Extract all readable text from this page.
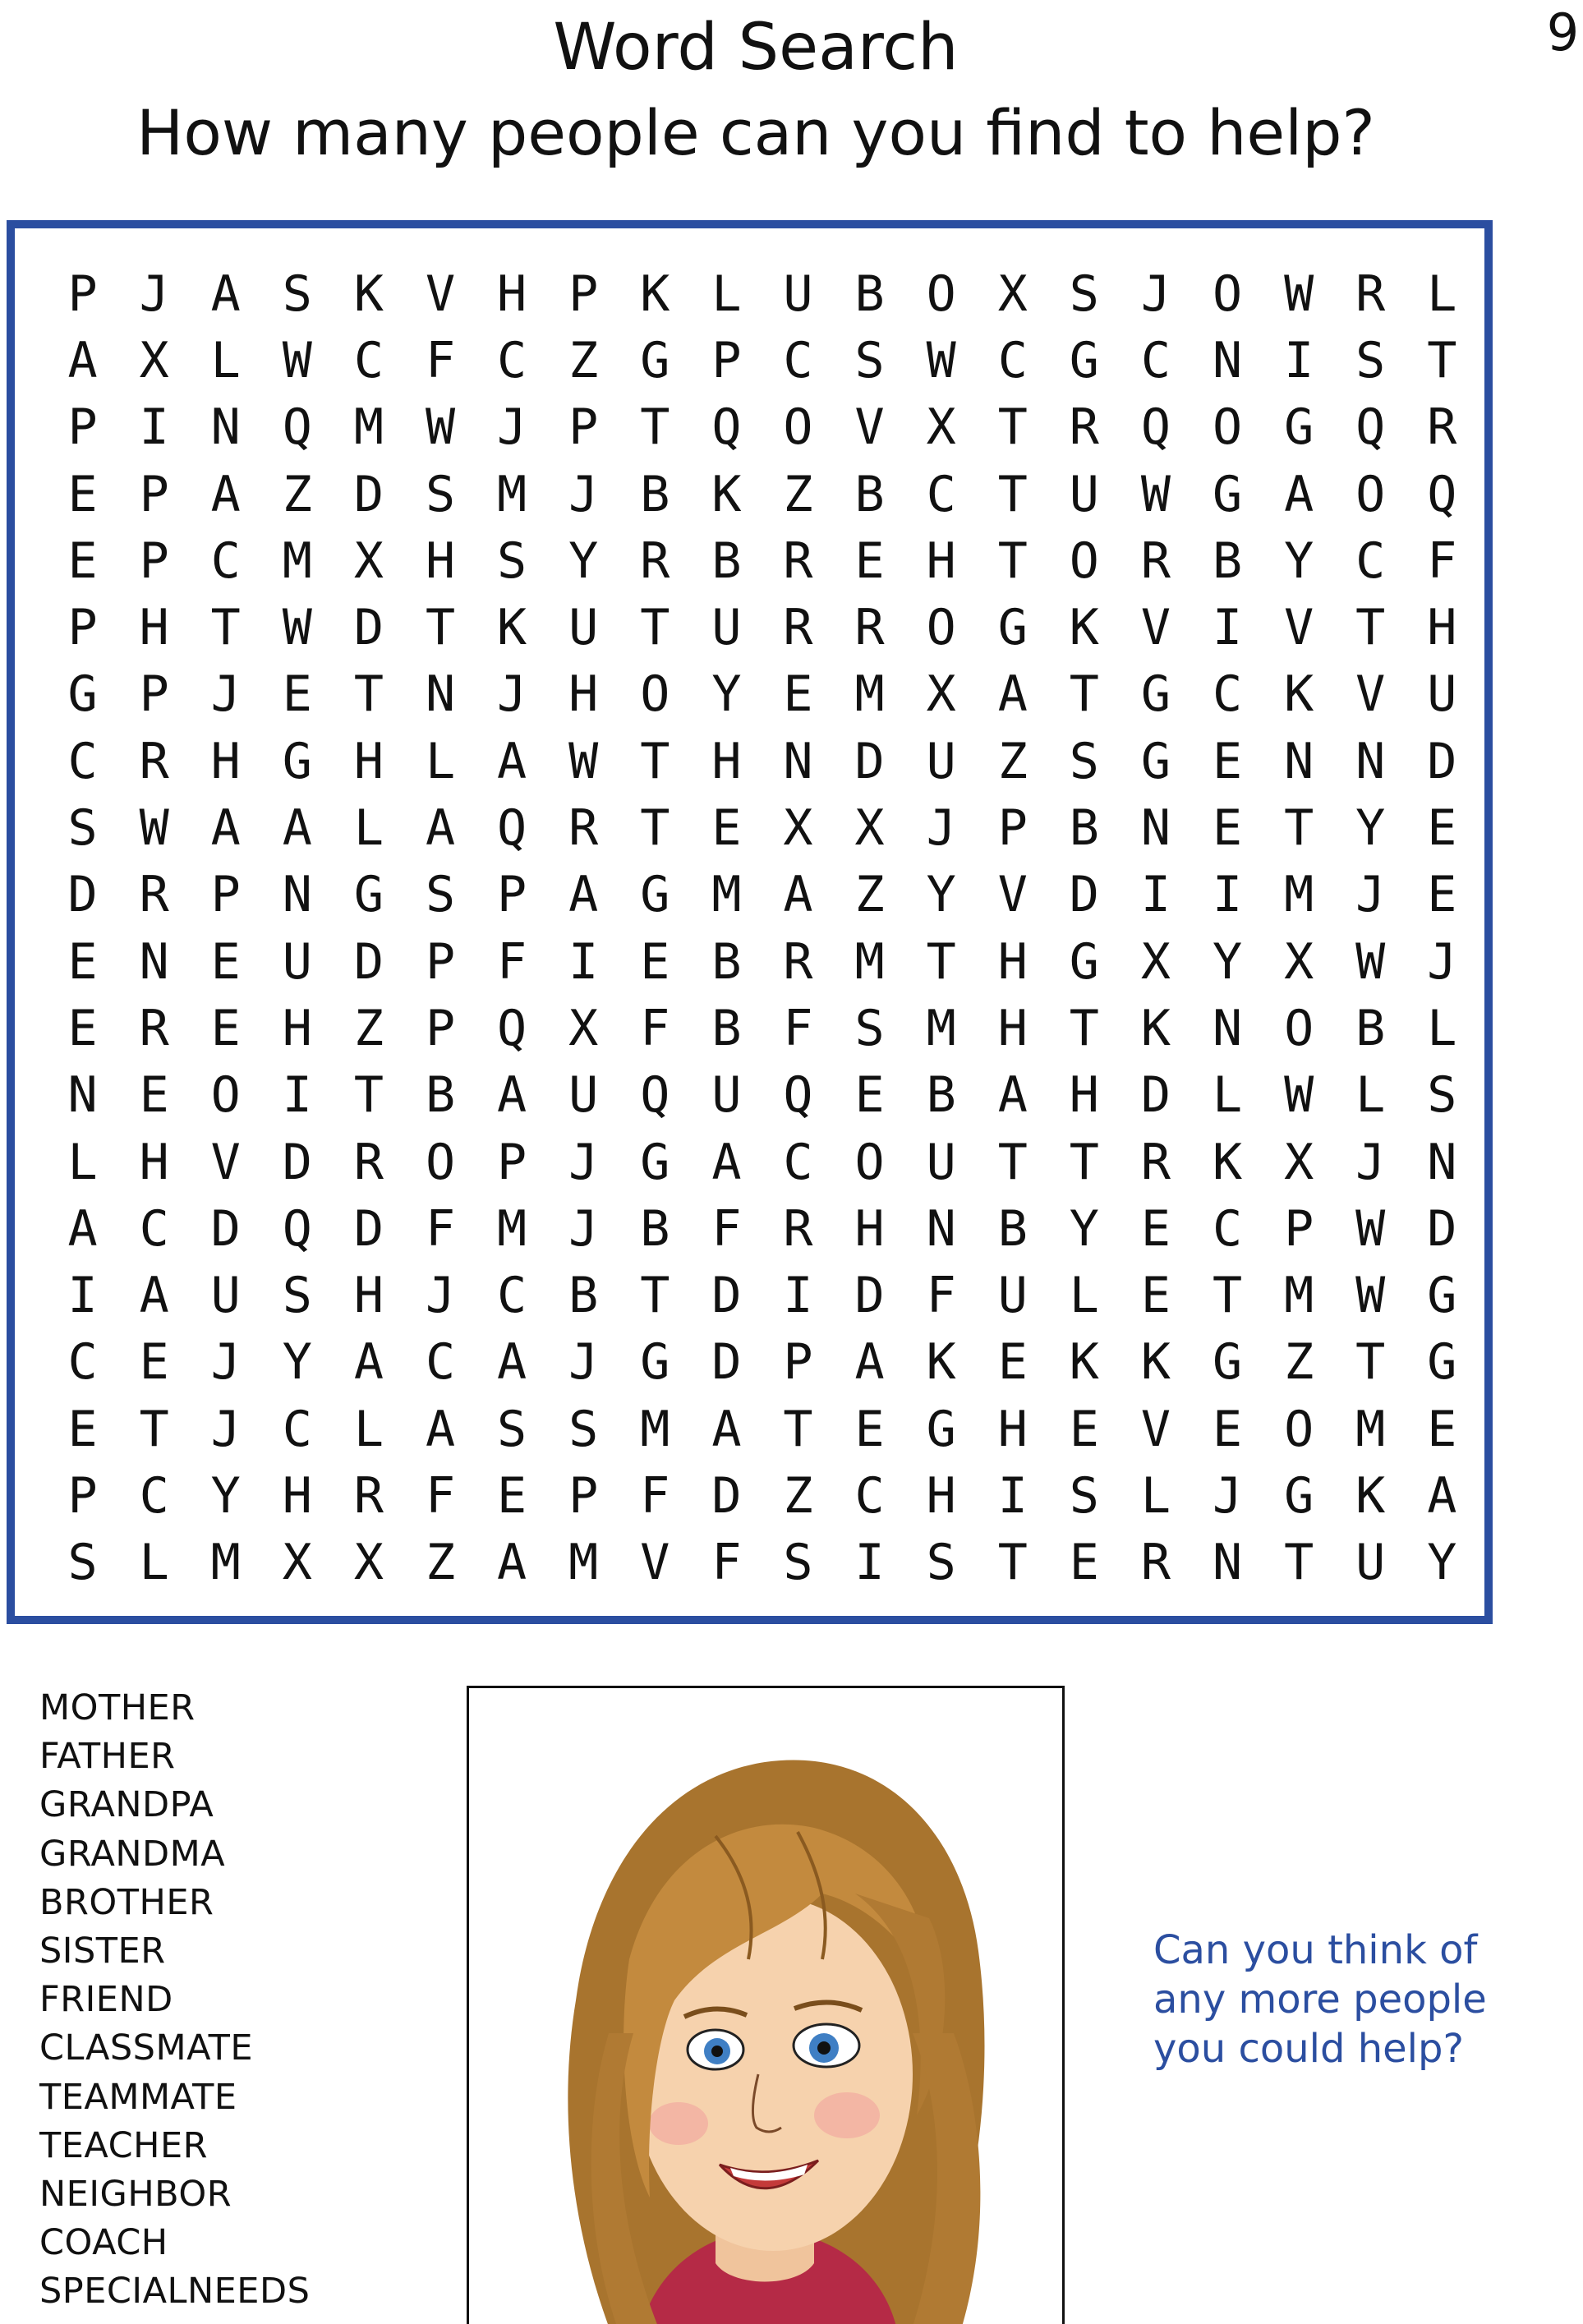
Word Search
How many people can you find to help?
9
P J A S K V H P K L U B O X S J O W R L
A X L W C F C Z G P C S W C G C N I S T
P I N Q M W J P T Q O V X T R Q O G Q R
E P A Z D S M J B K Z B C T U W G A O Q
E P C M X H S Y R B R E H T O R B Y C F
P H T W D T K U T U R R O G K V I V T H
G P J E T N J H O Y E M X A T G C K V U
C R H G H L A W T H N D U Z S G E N N D
S W A A L A Q R T E X X J P B N E T Y E
D R P N G S P A G M A Z Y V D I I M J E
E N E U D P F I E B R M T H G X Y X W J
E R E H Z P Q X F B F S M H T K N O B L
N E O I T B A U Q U Q E B A H D L W L S
L H V D R O P J G A C O U T T R K X J N
A C D Q D F M J B F R H N B Y E C P W D
I A U S H J C B T D I D F U L E T M W G
C E J Y A C A J G D P A K E K K G Z T G
E T J C L A S S M A T E G H E V E O M E
P C Y H R F E P F D Z C H I S L J G K A
S L M X X Z A M V F S I S T E R N T U Y
MOTHER
FATHER
GRANDPA
GRANDMA
BROTHER
SISTER
FRIEND
CLASSMATE
TEAMMATE
TEACHER
NEIGHBOR
COACH
SPECIALNEEDS

Can you think of
any more people
you could help?
